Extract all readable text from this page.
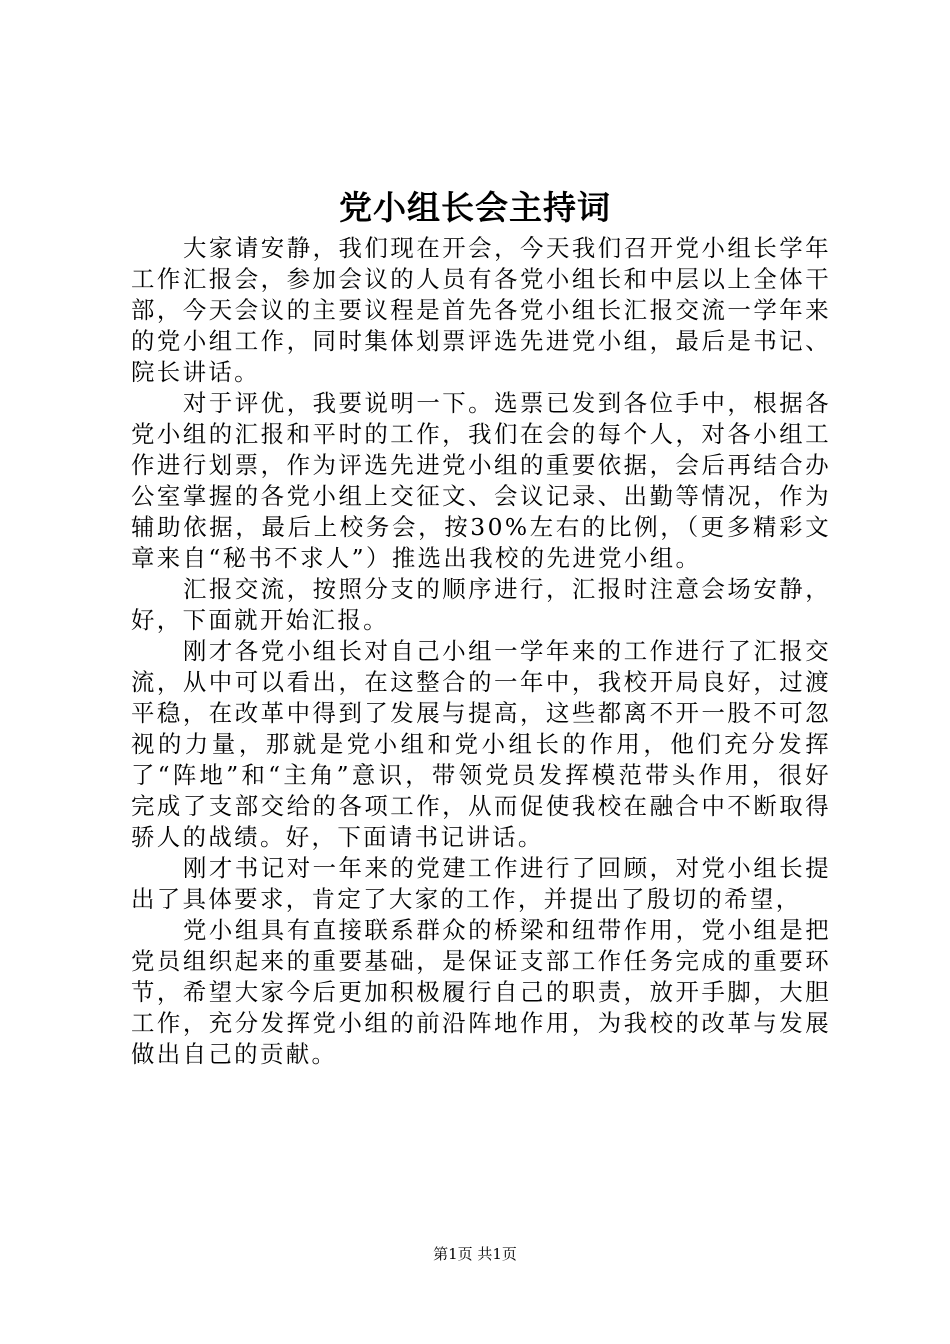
党小组长会主持词

大家请安静，我们现在开会，今天我们召开党小组长学年工作汇报会，参加会议的人员有各党小组长和中层以上全体干部，今天会议的主要议程是首先各党小组长汇报交流一学年来的党小组工作，同时集体划票评选先进党小组，最后是书记、院长讲话。

对于评优，我要说明一下。选票已发到各位手中，根据各党小组的汇报和平时的工作，我们在会的每个人，对各小组工作进行划票，作为评选先进党小组的重要依据，会后再结合办公室掌握的各党小组上交征文、会议记录、出勤等情况，作为辅助依据，最后上校务会，按30%左右的比例，（更多精彩文章来自“秘书不求人”）推选出我校的先进党小组。

汇报交流，按照分支的顺序进行，汇报时注意会场安静，好，下面就开始汇报。

刚才各党小组长对自己小组一学年来的工作进行了汇报交流，从中可以看出，在这整合的一年中，我校开局良好，过渡平稳，在改革中得到了发展与提高，这些都离不开一股不可忽视的力量，那就是党小组和党小组长的作用，他们充分发挥了“阵地”和“主角”意识，带领党员发挥模范带头作用，很好完成了支部交给的各项工作，从而促使我校在融合中不断取得骄人的战绩。好，下面请书记讲话。

刚才书记对一年来的党建工作进行了回顾，对党小组长提出了具体要求，肯定了大家的工作，并提出了殷切的希望，

党小组具有直接联系群众的桥梁和纽带作用，党小组是把党员组织起来的重要基础，是保证支部工作任务完成的重要环节，希望大家今后更加积极履行自己的职责，放开手脚，大胆工作，充分发挥党小组的前沿阵地作用，为我校的改革与发展做出自己的贡献。

第1页 共1页
